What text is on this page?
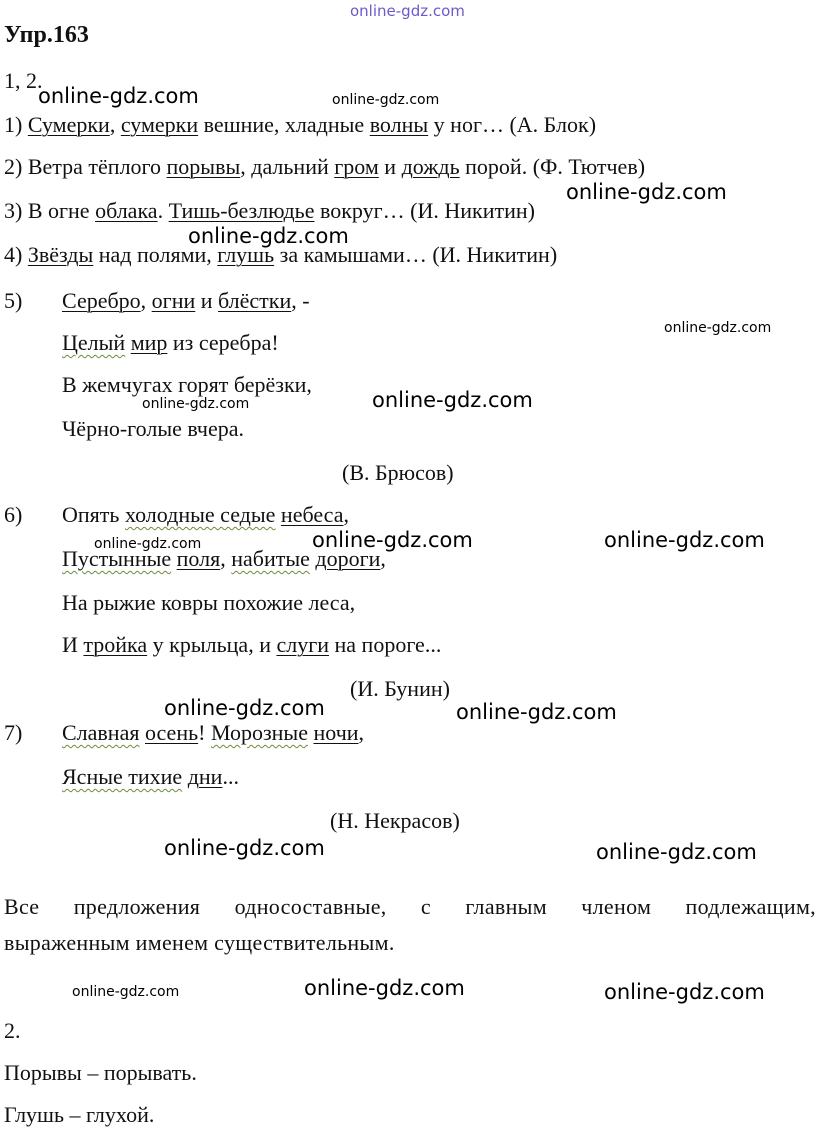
online-gdz.com
Упр.163
1, 2.
1) Сумерки, сумерки вешние, хладные волны у ног… (А. Блок)
2) Ветра тёплого порывы, дальний гром и дождь порой. (Ф. Тютчев)
3) В огне облака. Тишь-безлюдье вокруг… (И. Никитин)
4) Звёзды над полями, глушь за камышами… (И. Никитин)
5) Серебро, огни и блёстки, -
Целый мир из серебра!
В жемчугах горят берёзки,
Чёрно-голые вчера.
(В. Брюсов)
6) Опять холодные седые небеса,
Пустынные поля, набитые дороги,
На рыжие ковры похожие леса,
И тройка у крыльца, и слуги на пороге...
(И. Бунин)
7) Славная осень! Морозные ночи,
Ясные тихие дни...
(Н. Некрасов)
Все предложения односоставные, с главным членом подлежащим,
выраженным именем существительным.
2.
Порывы – порывать.
Глушь – глухой.
online-gdz.com	online-gdz.com
online-gdz.com
online-gdz.com
online-gdz.com
online-gdz.com
online-gdz.com
online-gdz.com	online-gdz.com	online-gdz.com
online-gdz.com	online-gdz.com
online-gdz.com	online-gdz.com
online-gdz.com	online-gdz.com	online-gdz.com
